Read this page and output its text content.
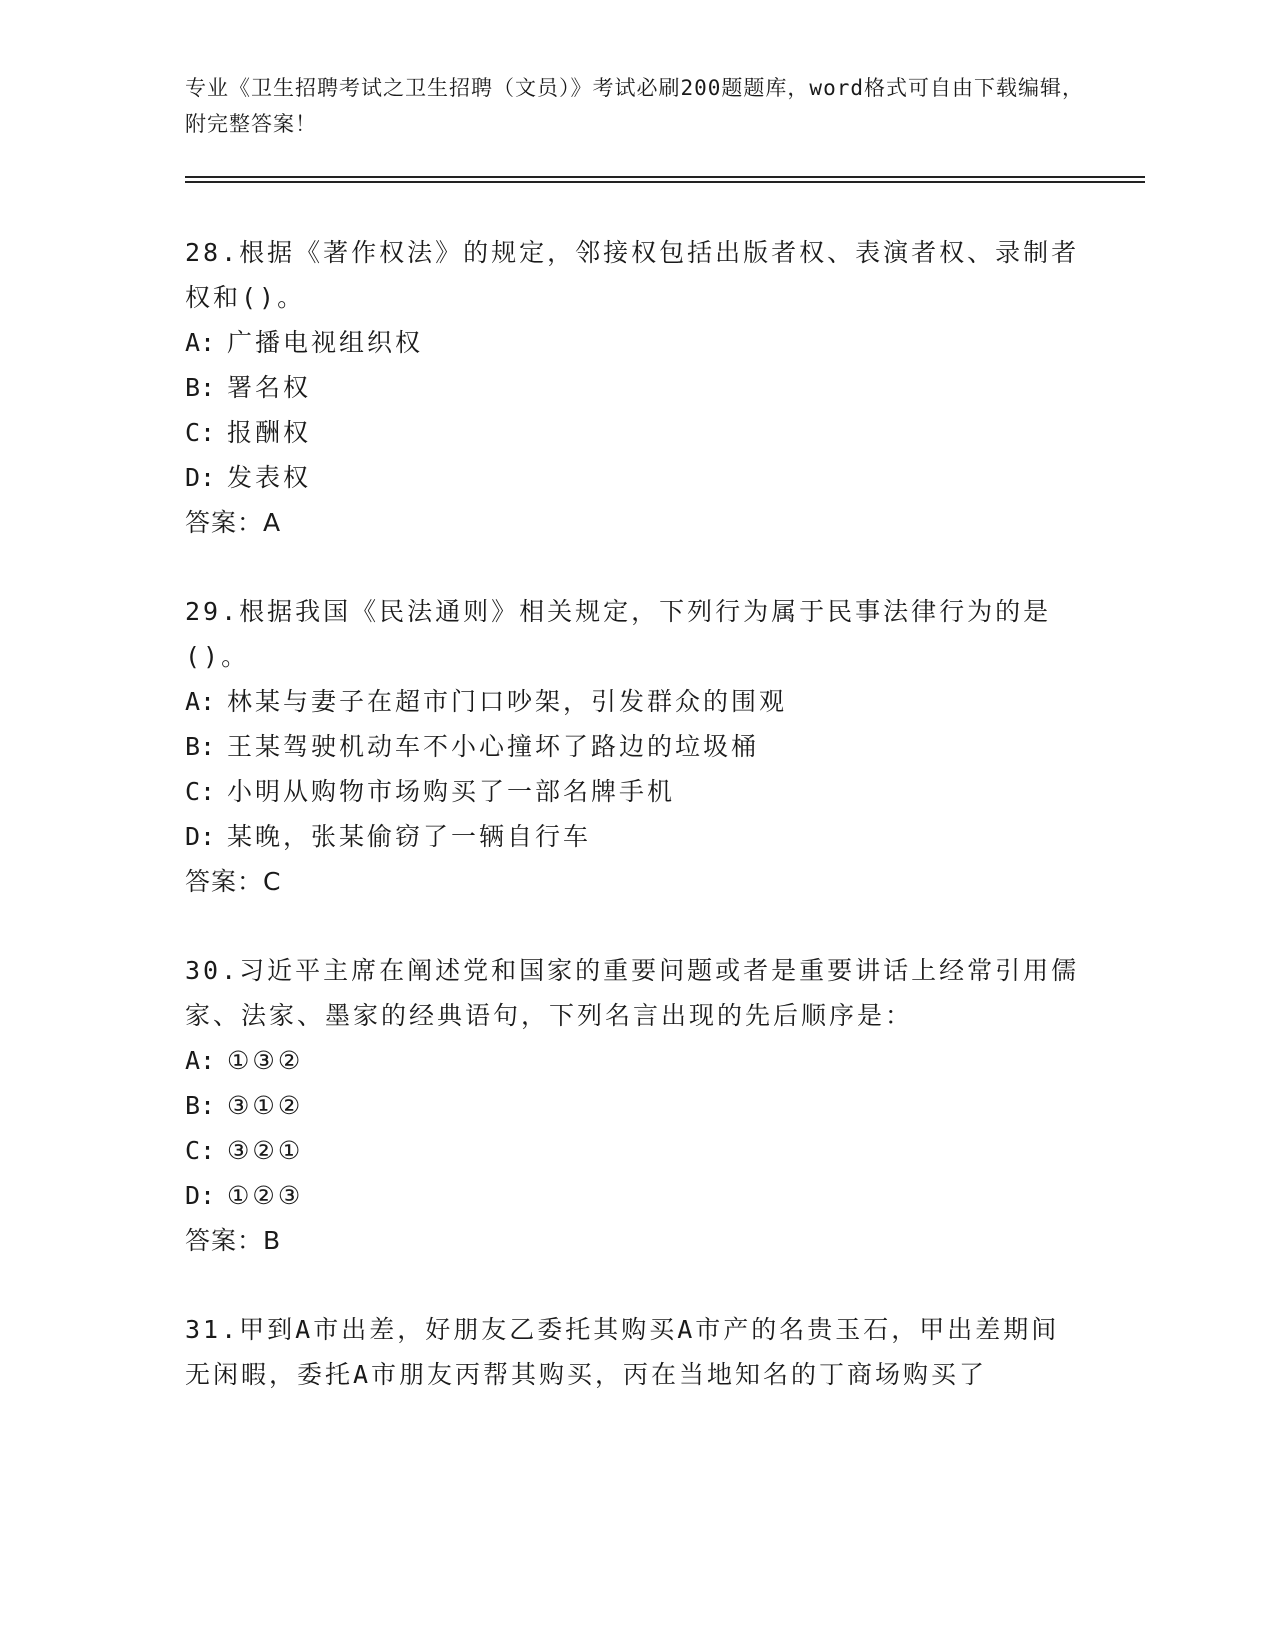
专业《卫生招聘考试之卫生招聘（文员）》考试必刷200题题库，word格式可自由下载编辑，附完整答案！

28.根据《著作权法》的规定，邻接权包括出版者权、表演者权、录制者权和()。

A: 广播电视组织权

B: 署名权

C: 报酬权

D: 发表权

答案：A

29.根据我国《民法通则》相关规定，下列行为属于民事法律行为的是()。

A: 林某与妻子在超市门口吵架，引发群众的围观

B: 王某驾驶机动车不小心撞坏了路边的垃圾桶

C: 小明从购物市场购买了一部名牌手机

D: 某晚，张某偷窃了一辆自行车

答案：C

30.习近平主席在阐述党和国家的重要问题或者是重要讲话上经常引用儒家、法家、墨家的经典语句，下列名言出现的先后顺序是：

A: ①③②

B: ③①②

C: ③②①

D: ①②③

答案：B

31.甲到A市出差，好朋友乙委托其购买A市产的名贵玉石，甲出差期间无闲暇，委托A市朋友丙帮其购买，丙在当地知名的丁商场购买了
